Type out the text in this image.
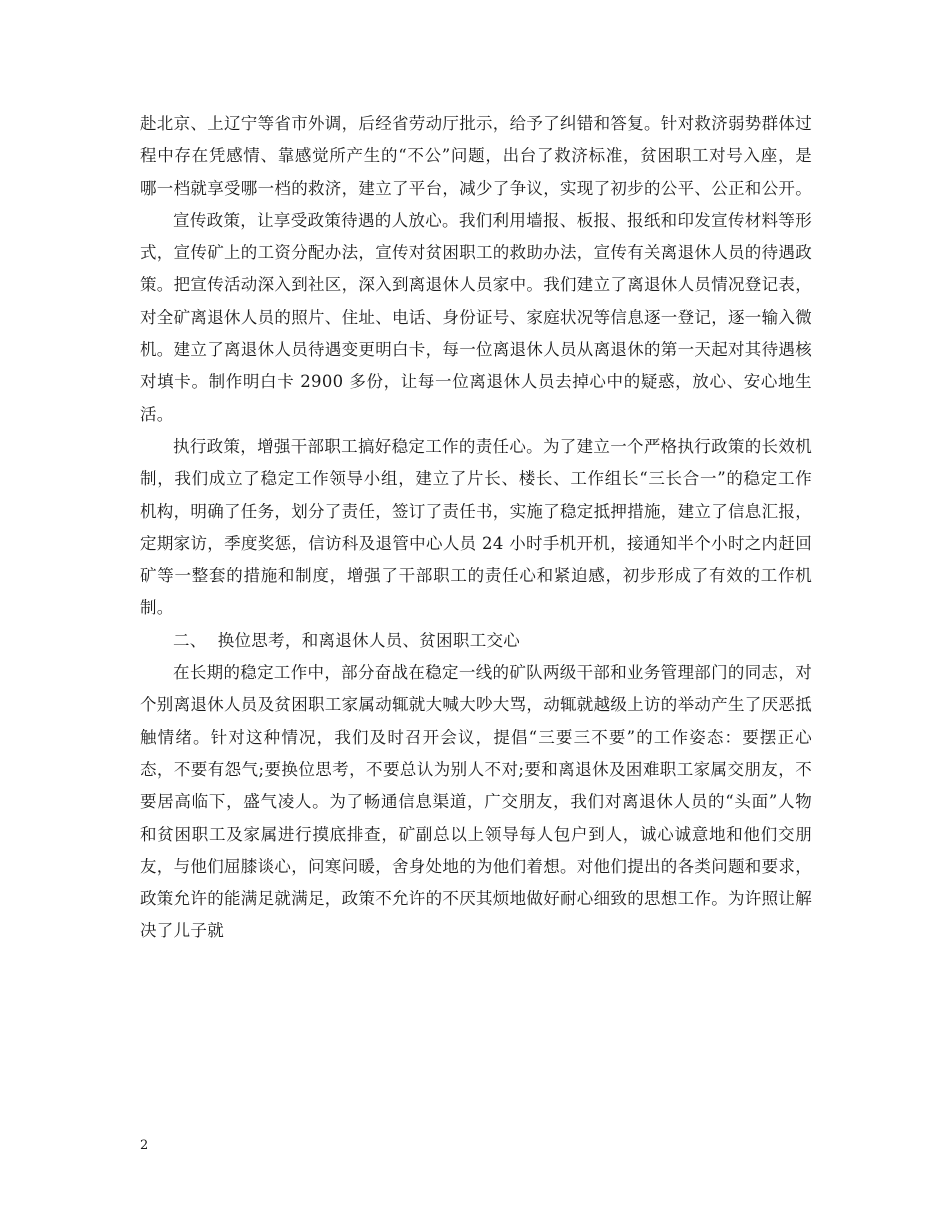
赴北京、上辽宁等省市外调，后经省劳动厅批示，给予了纠错和答复。针对救济弱势群体过程中存在凭感情、靠感觉所产生的“不公”问题，出台了救济标准，贫困职工对号入座，是哪一档就享受哪一档的救济，建立了平台，减少了争议，实现了初步的公平、公正和公开。

宣传政策，让享受政策待遇的人放心。我们利用墙报、板报、报纸和印发宣传材料等形式，宣传矿上的工资分配办法，宣传对贫困职工的救助办法，宣传有关离退休人员的待遇政策。把宣传活动深入到社区，深入到离退休人员家中。我们建立了离退休人员情况登记表，对全矿离退休人员的照片、住址、电话、身份证号、家庭状况等信息逐一登记，逐一输入微机。建立了离退休人员待遇变更明白卡，每一位离退休人员从离退休的第一天起对其待遇核对填卡。制作明白卡 2900 多份，让每一位离退休人员去掉心中的疑惑，放心、安心地生活。

执行政策，增强干部职工搞好稳定工作的责任心。为了建立一个严格执行政策的长效机制，我们成立了稳定工作领导小组，建立了片长、楼长、工作组长“三长合一”的稳定工作机构，明确了任务，划分了责任，签订了责任书，实施了稳定抵押措施，建立了信息汇报，定期家访，季度奖惩，信访科及退管中心人员 24 小时手机开机，接通知半个小时之内赶回矿等一整套的措施和制度，增强了干部职工的责任心和紧迫感，初步形成了有效的工作机制。

二、  换位思考，和离退休人员、贫困职工交心

在长期的稳定工作中，部分奋战在稳定一线的矿队两级干部和业务管理部门的同志，对个别离退休人员及贫困职工家属动辄就大喊大吵大骂，动辄就越级上访的举动产生了厌恶抵触情绪。针对这种情况，我们及时召开会议，提倡“三要三不要”的工作姿态：要摆正心态，不要有怨气;要换位思考，不要总认为别人不对;要和离退休及困难职工家属交朋友，不要居高临下，盛气凌人。为了畅通信息渠道，广交朋友，我们对离退休人员的“头面”人物和贫困职工及家属进行摸底排查，矿副总以上领导每人包户到人，诚心诚意地和他们交朋友，与他们屈膝谈心，问寒问暖，舍身处地的为他们着想。对他们提出的各类问题和要求，政策允许的能满足就满足，政策不允许的不厌其烦地做好耐心细致的思想工作。为许照让解决了儿子就

2
